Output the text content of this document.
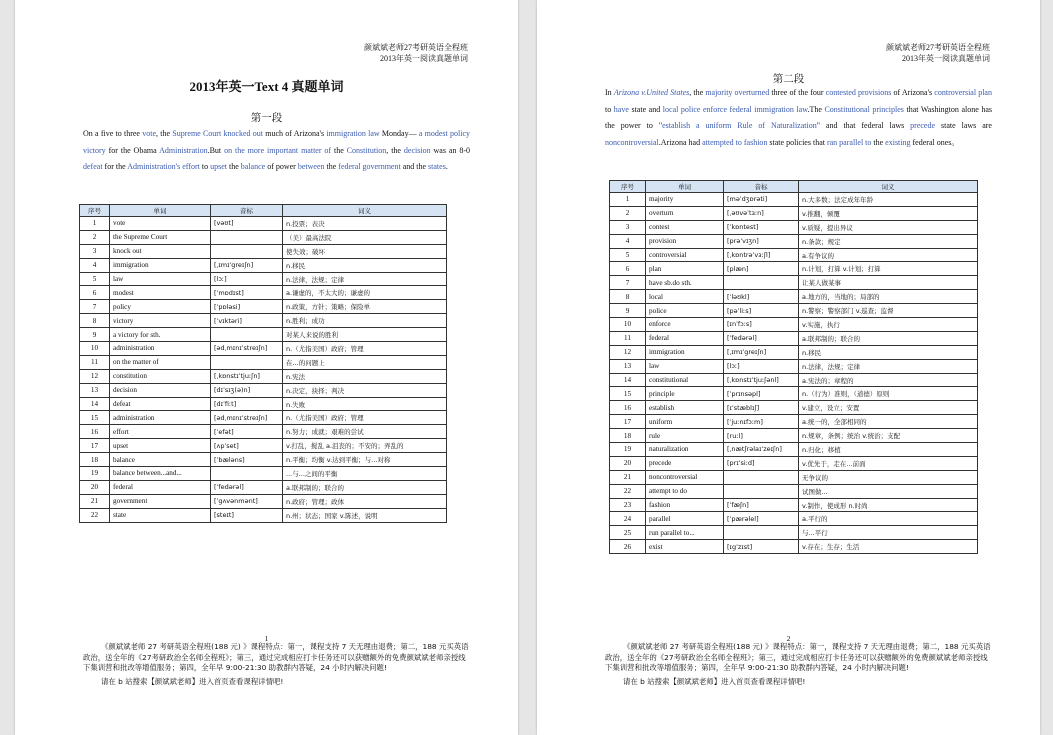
颜斌斌老师27考研英语全程班
2013年英一阅读真题单词
2013年英一Text 4 真题单词
第一段
On a five to three vote, the Supreme Court knocked out much of Arizona's immigration law Monday— a modest policy victory for the Obama Administration.But on the more important matter of the Constitution, the decision was an 8-0 defeat for the Administration's effort to upset the balance of power between the federal government and the states.
序号	单词	音标	词义
1	vote	[vəʊt]	n.投票；表决
2	the Supreme Court		（美）最高法院
3	knock out		使失效；破坏
4	immigration	[ˌɪmɪˈgreɪʃn]	n.移民
5	law	[lɔː]	n.法律，法规；定律
6	modest	[ˈmɒdɪst]	a.谦虚的，不太大的；谦虚的
7	policy	[ˈpɒləsi]	n.政策，方针；策略；保险单
8	victory	[ˈvɪktəri]	n.胜利；成功
9	a victory for sth.		对某人来说的胜利
10	administration	[ədˌmɪnɪˈstreɪʃn]	n.（尤指美国）政府；管理
11	on the matter of		在...的问题上
12	constitution	[ˌkɒnstɪˈtjuːʃn]	n.宪法
13	decision	[dɪˈsɪʒ(ə)n]	n.决定，抉择；判决
14	defeat	[dɪˈfiːt]	n.失败
15	administration	[ədˌmɪnɪˈstreɪʃn]	n.（尤指美国）政府；管理
16	effort	[ˈefət]	n.努力；成就；艰难的尝试
17	upset	[ʌpˈset]	v.打乱，搅乱 a.沮丧的；不安的；弄乱的
18	balance	[ˈbæləns]	n.平衡；均衡 v.达到平衡；与...对称
19	balance between...and...		...与...之间的平衡
20	federal	[ˈfedərəl]	a.联邦制的；联合的
21	government	[ˈgʌvənmənt]	n.政府；管理；政体
22	state	[steɪt]	n.州；状态；国家 v.陈述，说明
1
《颜斌斌老师 27 考研英语全程班(188 元) 》课程特点：第一，课程支持 7 天无理由退费；第二，188 元买英语政治，送全年的《27考研政治全名师全程班》；第三，通过完成相应打卡任务还可以获赠额外的免费颜斌斌老师亲授线下集训营和批改等增值服务；第四，全年早 9:00-21:30 助教群内答疑，24 小时内解决问题!
请在 b 站搜索【颜斌斌老师】进入首页查看课程详情吧!
颜斌斌老师27考研英语全程班
2013年英一阅读真题单词
第二段
In Arizona v.United States, the majority overturned three of the four contested provisions of Arizona's controversial plan to have state and local police enforce federal immigration law.The Constitutional principles that Washington alone has the power to "establish a uniform Rule of Naturalization" and that federal laws precede state laws are noncontroversial.Arizona had attempted to fashion state policies that ran parallel to the existing federal ones。
序号	单词	音标	词义
1	majority	[məˈdʒɒrəti]	n.大多数；法定成年年龄
2	overturn	[ˌəʊvəˈtɜːn]	v.推翻，倾覆
3	contest	[ˈkɒntest]	v.质疑，提出异议
4	provision	[prəˈvɪʒn]	n.条款；规定
5	controversial	[ˌkɒntrəˈvɜːʃl]	a.有争议的
6	plan	[plæn]	n.计划，打算 v.计划；打算
7	have sb.do sth.		让某人做某事
8	local	[ˈləʊkl]	a.地方的，当地的；局部的
9	police	[pəˈliːs]	n.警察；警察部门 v.巡查；监督
10	enforce	[ɪnˈfɔːs]	v.实施，执行
11	federal	[ˈfedərəl]	a.联邦制的；联合的
12	immigration	[ˌɪmɪˈgreɪʃn]	n.移民
13	law	[lɔː]	n.法律，法规；定律
14	constitutional	[ˌkɒnstɪˈtjuːʃənl]	a.宪法的；章程的
15	principle	[ˈprɪnsəpl]	n.（行为）准则，（道德）原则
16	establish	[ɪˈstæblɪʃ]	v.建立，设立；安置
17	uniform	[ˈjuːnɪfɔːm]	a.统一的，全部相同的
18	rule	[ruːl]	n.规章，条例；统治 v.统治；支配
19	naturalization	[ˌnætʃrəlaɪˈzeɪʃn]	n.归化；移植
20	precede	[prɪˈsiːd]	v.优先于，走在...前面
21	noncontroversial		无争议的
22	attempt to do		试图做...
23	fashion	[ˈfæʃn]	v.制作，使成形 n.时尚
24	parallel	[ˈpærəlel]	a.平行的
25	run parallel to...		与...平行
26	exist	[ɪgˈzɪst]	v.存在；生存；生活
2
《颜斌斌老师 27 考研英语全程班(188 元) 》课程特点：第一，课程支持 7 天无理由退费；第二，188 元买英语政治，送全年的《27考研政治全名师全程班》；第三，通过完成相应打卡任务还可以获赠额外的免费颜斌斌老师亲授线下集训营和批改等增值服务；第四，全年早 9:00-21:30 助教群内答疑，24 小时内解决问题!
请在 b 站搜索【颜斌斌老师】进入首页查看课程详情吧!
